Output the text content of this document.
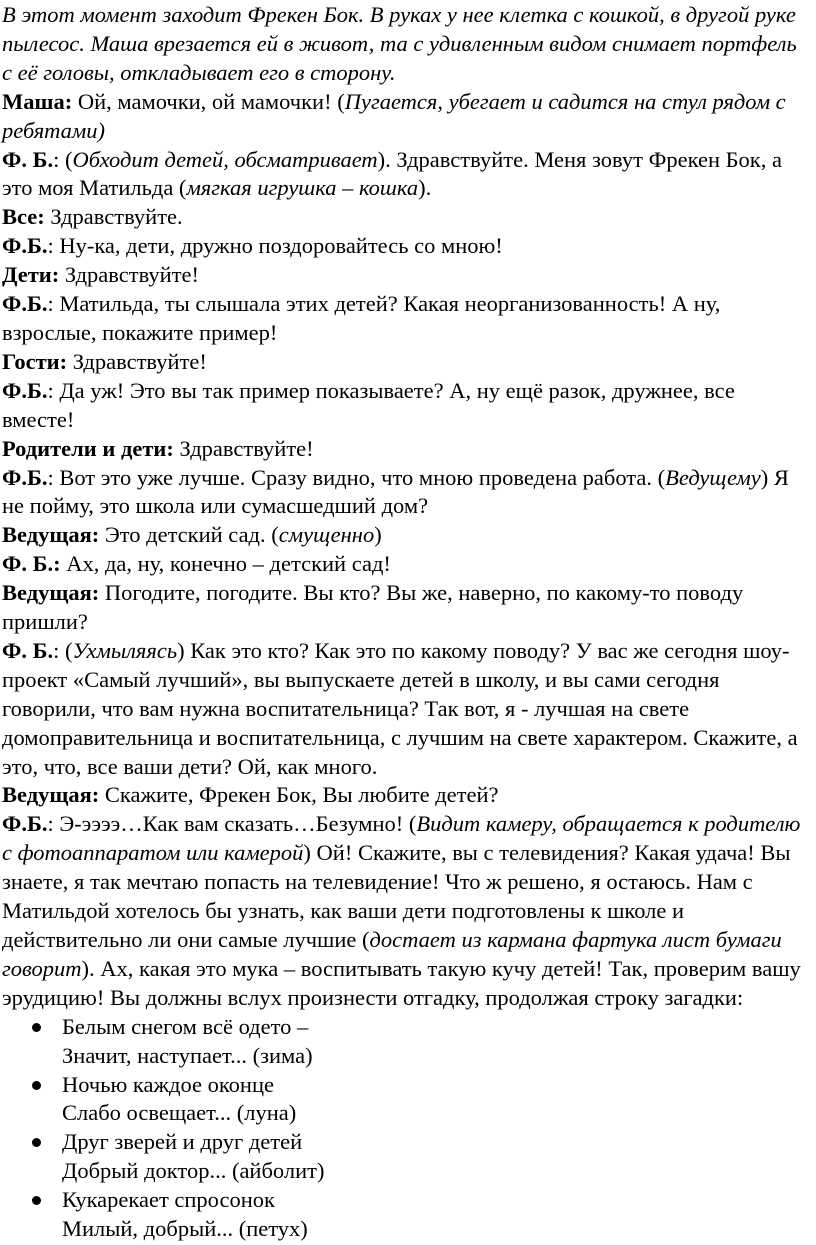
В этот момент заходит Фрекен Бок. В руках у нее клетка с кошкой, в другой руке пылесос. Маша врезается ей в живот, та с удивленным видом снимает портфель с её головы, откладывает его в сторону.

Маша: Ой, мамочки, ой мамочки! (Пугается, убегает и садится на стул рядом с ребятами)

Ф. Б.: (Обходит детей, обсматривает). Здравствуйте. Меня зовут Фрекен Бок, а это моя Матильда (мягкая игрушка – кошка).

Все: Здравствуйте.

Ф.Б.: Ну-ка, дети, дружно поздоровайтесь со мною!

Дети: Здравствуйте!

Ф.Б.: Матильда, ты слышала этих детей? Какая неорганизованность! А ну, взрослые, покажите пример!

Гости: Здравствуйте!

Ф.Б.: Да уж! Это вы так пример показываете? А, ну ещё разок, дружнее, все вместе!

Родители и дети: Здравствуйте!

Ф.Б.: Вот это уже лучше. Сразу видно, что мною проведена работа. (Ведущему) Я не пойму, это школа или сумасшедший дом?

Ведущая: Это детский сад. (смущенно)

Ф. Б.: Ах, да, ну, конечно – детский сад!

Ведущая: Погодите, погодите. Вы кто? Вы же, наверно, по какому-то поводу пришли?

Ф. Б.: (Ухмыляясь) Как это кто? Как это по какому поводу? У вас же сегодня шоу-проект «Самый лучший», вы выпускаете детей в школу, и вы сами сегодня говорили, что вам нужна воспитательница? Так вот, я - лучшая на свете домоправительница и воспитательница, с лучшим на свете характером. Скажите, а это, что, все ваши дети? Ой, как много.

Ведущая: Скажите, Фрекен Бок, Вы любите детей?

Ф.Б.: Э-ээээ…Как вам сказать…Безумно! (Видит камеру, обращается к родителю с фотоаппаратом или камерой) Ой! Скажите, вы с телевидения? Какая удача! Вы знаете, я так мечтаю попасть на телевидение! Что ж решено, я остаюсь. Нам с Матильдой хотелось бы узнать, как ваши дети подготовлены к школе и действительно ли они самые лучшие (достает из кармана фартука лист бумаги говорит). Ах, какая это мука – воспитывать такую кучу детей! Так, проверим вашу эрудицию! Вы должны вслух произнести отгадку, продолжая строку загадки:

Белым снегом всё одето –
Значит, наступает... (зима)
Ночью каждое оконце
Слабо освещает... (луна)
Друг зверей и друг детей
Добрый доктор... (айболит)
Кукарекает спросонок
Милый, добрый... (петух)
